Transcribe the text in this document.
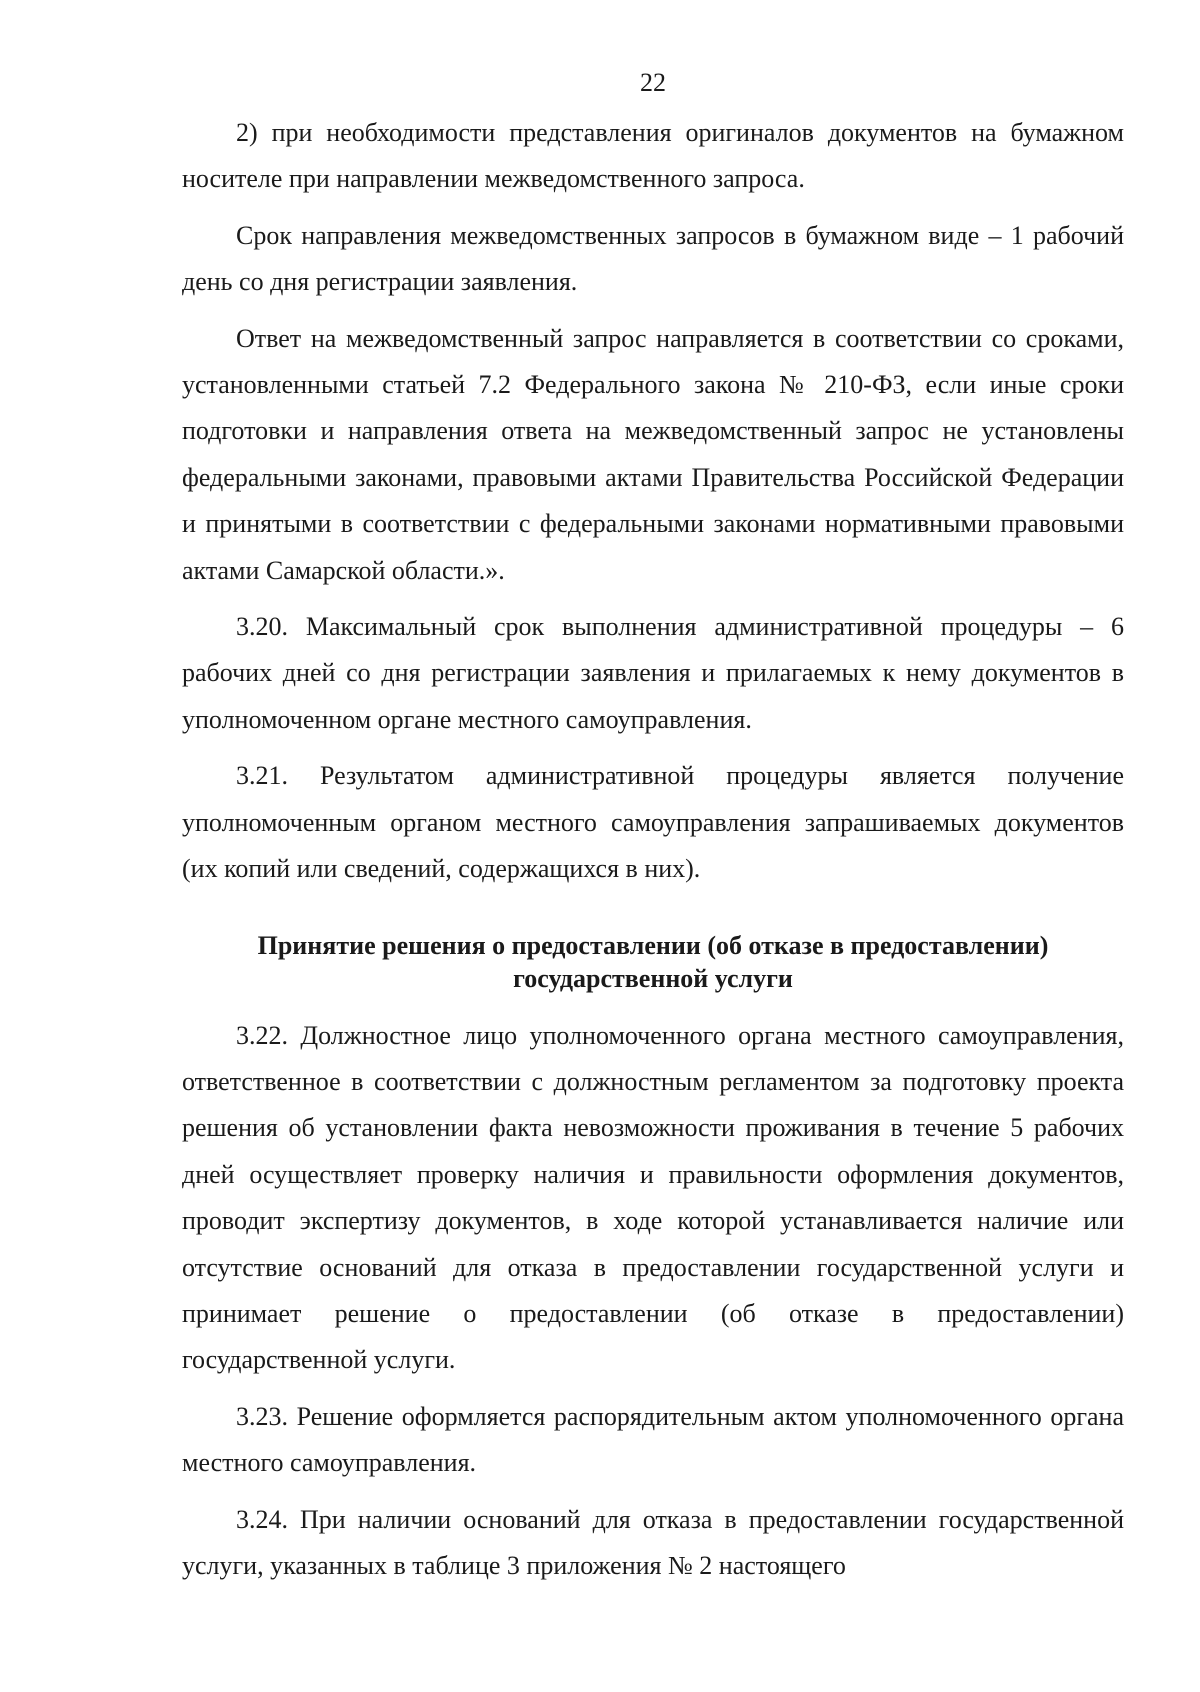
22

2) при необходимости представления оригиналов документов на бумажном носителе при направлении межведомственного запроса.

Срок направления межведомственных запросов в бумажном виде – 1 рабочий день со дня регистрации заявления.

Ответ на межведомственный запрос направляется в соответствии со сроками, установленными статьей 7.2 Федерального закона № 210-ФЗ, если иные сроки подготовки и направления ответа на межведомственный запрос не установлены федеральными законами, правовыми актами Правительства Российской Федерации и принятыми в соответствии с федеральными законами нормативными правовыми актами Самарской области.».

3.20. Максимальный срок выполнения административной процедуры – 6 рабочих дней со дня регистрации заявления и прилагаемых к нему документов в уполномоченном органе местного самоуправления.

3.21. Результатом административной процедуры является получение уполномоченным органом местного самоуправления запрашиваемых документов (их копий или сведений, содержащихся в них).

Принятие решения о предоставлении (об отказе в предоставлении)
государственной услуги

3.22. Должностное лицо уполномоченного органа местного самоуправления, ответственное в соответствии с должностным регламентом за подготовку проекта решения об установлении факта невозможности проживания в течение 5 рабочих дней осуществляет проверку наличия и правильности оформления документов, проводит экспертизу документов, в ходе которой устанавливается наличие или отсутствие оснований для отказа в предоставлении государственной услуги и принимает решение о предоставлении (об отказе в предоставлении) государственной услуги.

3.23. Решение оформляется распорядительным актом уполномоченного органа местного самоуправления.

3.24. При наличии оснований для отказа в предоставлении государственной услуги, указанных в таблице 3 приложения № 2 настоящего
